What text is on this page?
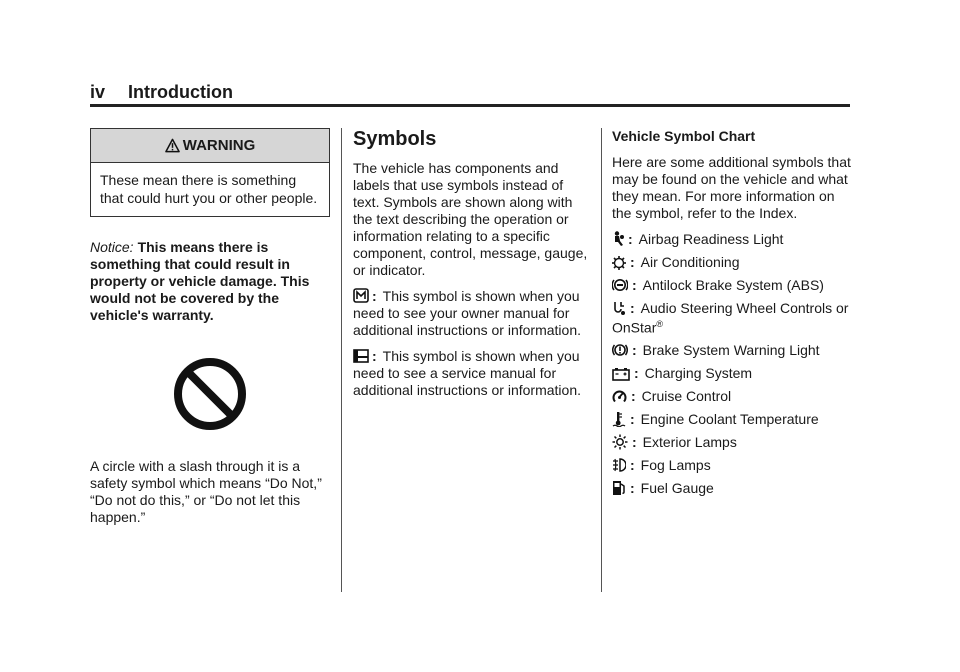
iv Introduction
WARNING
These mean there is something that could hurt you or other people.
Notice: This means there is something that could result in property or vehicle damage. This would not be covered by the vehicle's warranty.
A circle with a slash through it is a safety symbol which means “Do Not,” “Do not do this,” or “Do not let this happen.”
Symbols

The vehicle has components and labels that use symbols instead of text. Symbols are shown along with the text describing the operation or information relating to a specific component, control, message, gauge, or indicator.

: This symbol is shown when you need to see your owner manual for additional instructions or information.

: This symbol is shown when you need to see a service manual for additional instructions or information.

Vehicle Symbol Chart

Here are some additional symbols that may be found on the vehicle and what they mean. For more information on the symbol, refer to the Index.

: Airbag Readiness Light
: Air Conditioning
: Antilock Brake System (ABS)
: Audio Steering Wheel Controls or OnStar®
: Brake System Warning Light
: Charging System
: Cruise Control
: Engine Coolant Temperature
: Exterior Lamps
: Fog Lamps
: Fuel Gauge
